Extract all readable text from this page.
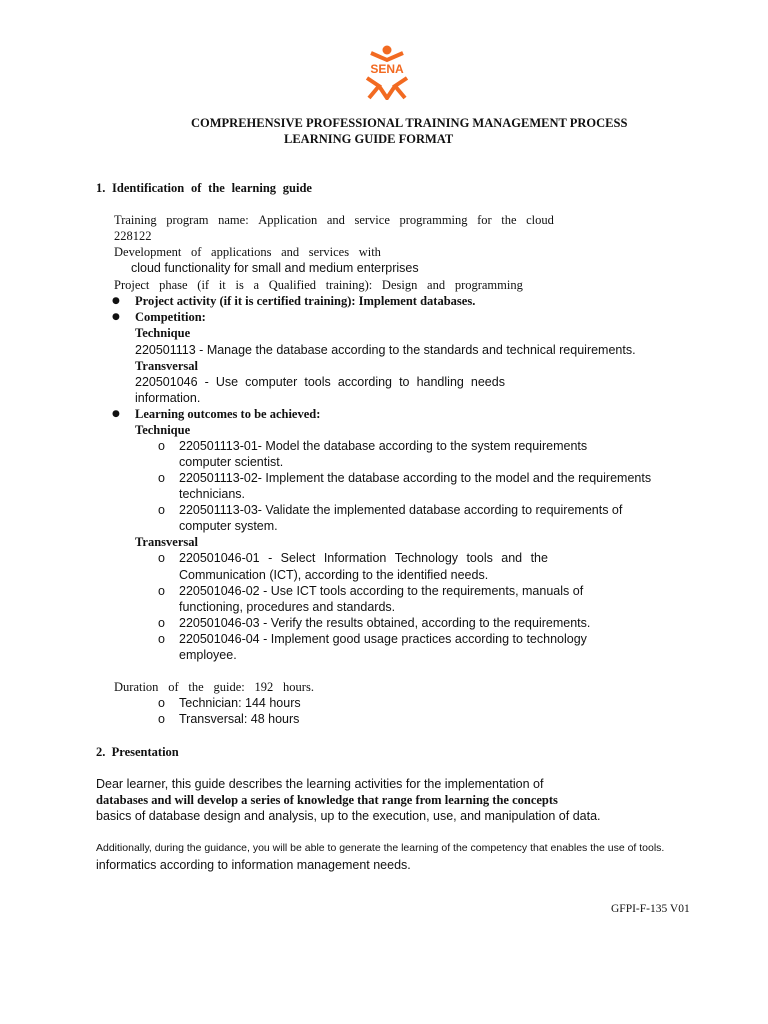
SENA
COMPREHENSIVE PROFESSIONAL TRAINING MANAGEMENT PROCESS
LEARNING GUIDE FORMAT
1. Identification of the learning guide
Training program name: Application and service programming for the cloud
228122
Development of applications and services with
cloud functionality for small and medium enterprises
Project phase (if it is a Qualified training): Design and programming
● Project activity (if it is certified training): Implement databases.
● Competition:
Technique
220501113 - Manage the database according to the standards and technical requirements.
Transversal
220501046 - Use computer tools according to handling needs
information.
● Learning outcomes to be achieved:
Technique
o 220501113-01- Model the database according to the system requirements
computer scientist.
o 220501113-02- Implement the database according to the model and the requirements
technicians.
o 220501113-03- Validate the implemented database according to requirements of
computer system.
Transversal
o 220501046-01 - Select Information Technology tools and the
Communication (ICT), according to the identified needs.
o 220501046-02 - Use ICT tools according to the requirements, manuals of
functioning, procedures and standards.
o 220501046-03 - Verify the results obtained, according to the requirements.
o 220501046-04 - Implement good usage practices according to technology
employee.
Duration of the guide: 192 hours.
o Technician: 144 hours
o Transversal: 48 hours
2.  Presentation
Dear learner, this guide describes the learning activities for the implementation of
databases and will develop a series of knowledge that range from learning the concepts
basics of database design and analysis, up to the execution, use, and manipulation of data.
Additionally, during the guidance, you will be able to generate the learning of the competency that enables the use of tools.
informatics according to information management needs.
GFPI-F-135 V01
